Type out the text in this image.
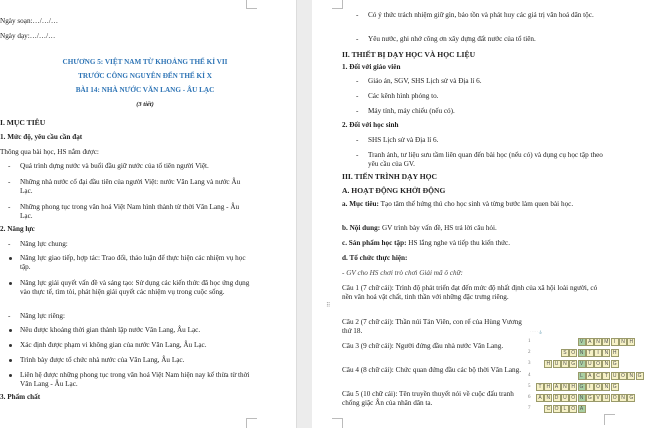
Ngày soạn:…/…/…
Ngày dạy:…/…/…
CHƯƠNG 5: VIỆT NAM TỪ KHOẢNG THẾ KỈ VII
TRƯỚC CÔNG NGUYÊN ĐẾN THẾ KỈ X
BÀI 14: NHÀ NƯỚC VĂN LANG - ÂU LẠC
(3 tiết)
I. MỤC TIÊU
1. Mức độ, yêu cầu cần đạt
Thông qua bài học, HS nắm được:
- Quá trình dựng nước và buổi đầu giữ nước của tổ tiên người Việt.
- Những nhà nước cổ đại đầu tiên của người Việt: nước Văn Lang và nước Âu Lạc.
- Những phong tục trong văn hoá Việt Nam hình thành từ thời Văn Lang - Âu Lạc.
2. Năng lực
- Năng lực chung:
Năng lực giao tiếp, hợp tác: Trao đổi, thảo luận để thực hiện các nhiệm vụ học tập.
Năng lực giải quyết vấn đề và sáng tạo: Sử dụng các kiến thức đã học ứng dụng vào thực tế, tìm tòi, phát hiện giải quyết các nhiệm vụ trong cuộc sống.
- Năng lực riêng:
Nêu được khoảng thời gian thành lập nước Văn Lang, Âu Lạc.
Xác định được phạm vi không gian của nước Văn Lang, Âu Lạc.
Trình bày được tổ chức nhà nước của Văn Lang, Âu Lạc.
Liên hệ được những phong tục trong văn hoá Việt Nam hiện nay kế thừa từ thời Văn Lang - Âu Lạc.
3. Phẩm chất
- Có ý thức trách nhiệm giữ gìn, bảo tồn và phát huy các giá trị văn hoá dân tộc.
- Yêu nước, ghi nhớ công ơn xây dựng đất nước của tổ tiên.
II. THIẾT BỊ DẠY HỌC VÀ HỌC LIỆU
1. Đối với giáo viên
- Giáo án, SGV, SHS Lịch sử và Địa lí 6.
- Các kênh hình phóng to.
- Máy tính, máy chiếu (nếu có).
2. Đối với học sinh
- SHS Lịch sử và Địa lí 6.
- Tranh ảnh, tư liệu sưu tầm liên quan đến bài học (nếu có) và dụng cụ học tập theo yêu cầu của GV.
III. TIẾN TRÌNH DẠY HỌC
A. HOẠT ĐỘNG KHỞI ĐỘNG
a. Mục tiêu: Tạo tâm thế hứng thú cho học sinh và từng bước làm quen bài học.
b. Nội dung: GV trình bày vấn đề, HS trả lời câu hỏi.
c. Sản phẩm học tập: HS lắng nghe và tiếp thu kiến thức.
d. Tổ chức thực hiện:
- GV cho HS chơi trò chơi Giải mã ô chữ:
Câu 1 (7 chữ cái): Trình độ phát triển đạt đến mức độ nhất định của xã hội loài người, có nền văn hoá vật chất, tinh thần với những đặc trưng riêng.
⠿
Câu 2 (7 chữ cái): Thần núi Tản Viên, con rể của Hùng Vương thứ 18.
Câu 3 (9 chữ cái): Người đứng đầu nhà nước Văn Lang.
Câu 4 (8 chữ cái): Chức quan đứng đầu các bộ thời Văn Lang.
Câu 5 (10 chữ cái): Tên truyền thuyết nói về cuộc đấu tranh chống giặc Ân của nhân dân ta.
· · · · · ⚓
1	V A N M	I	N H
2	S O N T	I	N H
3	H U N G V U O N G
4	L	A C T U O N G
5	T H A N H G	I	O N G
6	A N D U O N G V U O N G
7	C O L O A
